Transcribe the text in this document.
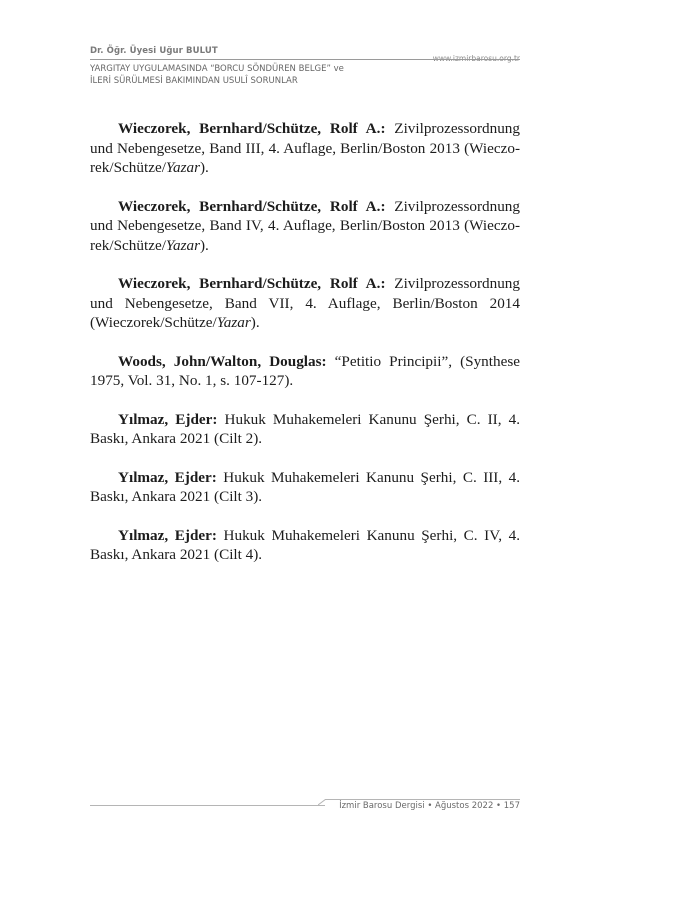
Dr. Öğr. Üyesi Uğur BULUT
www.izmirbarosu.org.tr
YARGITAY UYGULAMASINDA “BORCU SÖNDÜREN BELGE” ve
İLERİ SÜRÜLMESİ BAKIMINDAN USULÎ SORUNLAR

Wieczorek, Bernhard/Schütze, Rolf A.: Zivilprozessordnung und Nebengesetze, Band III, 4. Auflage, Berlin/Boston 2013 (Wieczorek/Schütze/Yazar).

Wieczorek, Bernhard/Schütze, Rolf A.: Zivilprozessordnung und Nebengesetze, Band IV, 4. Auflage, Berlin/Boston 2013 (Wieczorek/Schütze/Yazar).

Wieczorek, Bernhard/Schütze, Rolf A.: Zivilprozessordnung und Nebengesetze, Band VII, 4. Auflage, Berlin/Boston 2014 (Wieczorek/Schütze/Yazar).

Woods, John/Walton, Douglas: “Petitio Principii”, (Synthese 1975, Vol. 31, No. 1, s. 107-127).

Yılmaz, Ejder: Hukuk Muhakemeleri Kanunu Şerhi, C. II, 4. Baskı, Ankara 2021 (Cilt 2).

Yılmaz, Ejder: Hukuk Muhakemeleri Kanunu Şerhi, C. III, 4. Baskı, Ankara 2021 (Cilt 3).

Yılmaz, Ejder: Hukuk Muhakemeleri Kanunu Şerhi, C. IV, 4. Baskı, Ankara 2021 (Cilt 4).

İzmir Barosu Dergisi • Ağustos 2022 • 157
